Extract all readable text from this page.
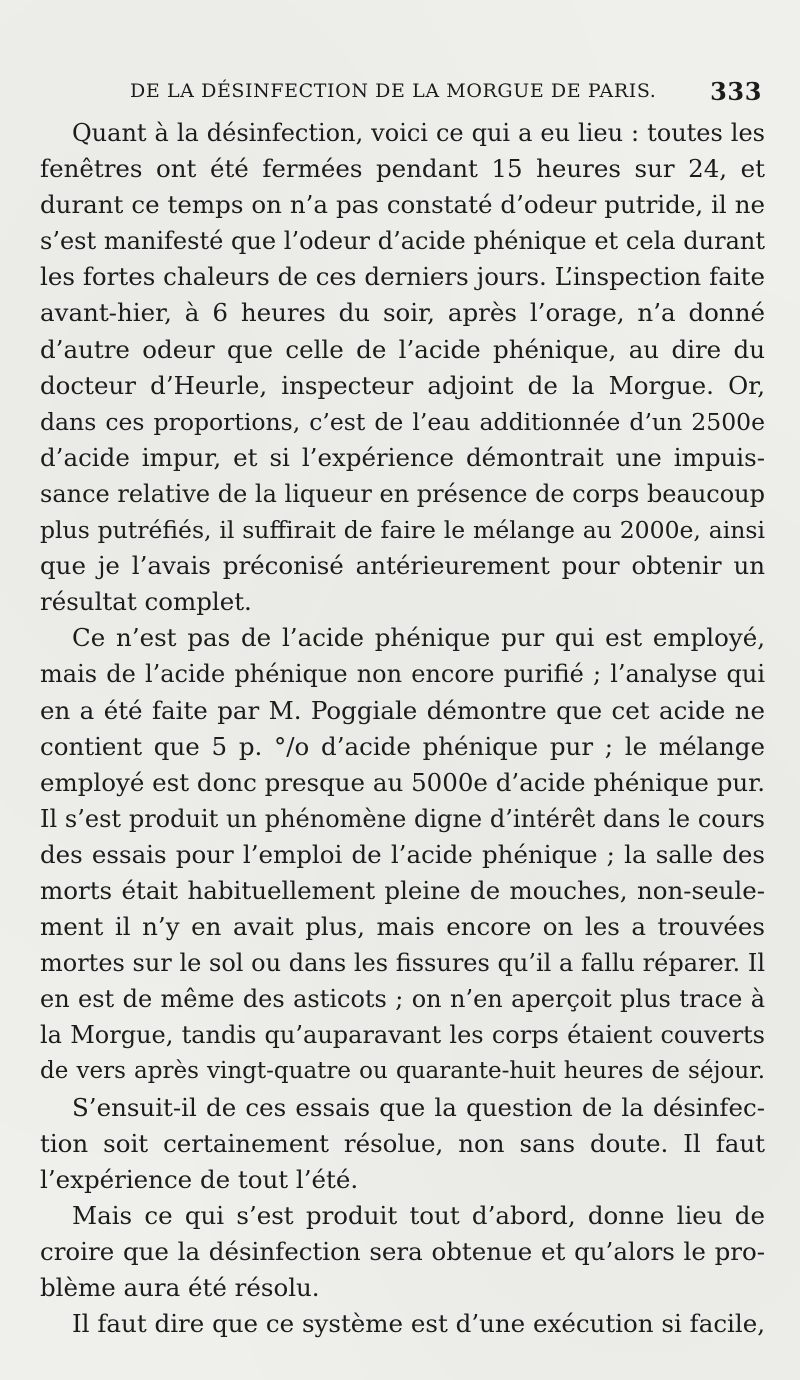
DE LA DÉSINFECTION DE LA MORGUE DE PARIS. 333

Quant à la désinfection, voici ce qui a eu lieu : toutes les
fenêtres ont été fermées pendant 15 heures sur 24, et
durant ce temps on n’a pas constaté d’odeur putride, il ne
s’est manifesté que l’odeur d’acide phénique et cela durant
les fortes chaleurs de ces derniers jours. L’inspection faite
avant-hier, à 6 heures du soir, après l’orage, n’a donné
d’autre odeur que celle de l’acide phénique, au dire du
docteur d’Heurle, inspecteur adjoint de la Morgue. Or,
dans ces proportions, c’est de l’eau additionnée d’un 2500e
d’acide impur, et si l’expérience démontrait une impuis-
sance relative de la liqueur en présence de corps beaucoup
plus putréfiés, il suffirait de faire le mélange au 2000e, ainsi
que je l’avais préconisé antérieurement pour obtenir un
résultat complet.

Ce n’est pas de l’acide phénique pur qui est employé,
mais de l’acide phénique non encore purifié ; l’analyse qui
en a été faite par M. Poggiale démontre que cet acide ne
contient que 5 p. °/o d’acide phénique pur ; le mélange
employé est donc presque au 5000e d’acide phénique pur.
Il s’est produit un phénomène digne d’intérêt dans le cours
des essais pour l’emploi de l’acide phénique ; la salle des
morts était habituellement pleine de mouches, non-seule-
ment il n’y en avait plus, mais encore on les a trouvées
mortes sur le sol ou dans les fissures qu’il a fallu réparer. Il
en est de même des asticots ; on n’en aperçoit plus trace à
la Morgue, tandis qu’auparavant les corps étaient couverts
de vers après vingt-quatre ou quarante-huit heures de séjour.

S’ensuit-il de ces essais que la question de la désinfec-
tion soit certainement résolue, non sans doute. Il faut
l’expérience de tout l’été.

Mais ce qui s’est produit tout d’abord, donne lieu de
croire que la désinfection sera obtenue et qu’alors le pro-
blème aura été résolu.

Il faut dire que ce système est d’une exécution si facile,
